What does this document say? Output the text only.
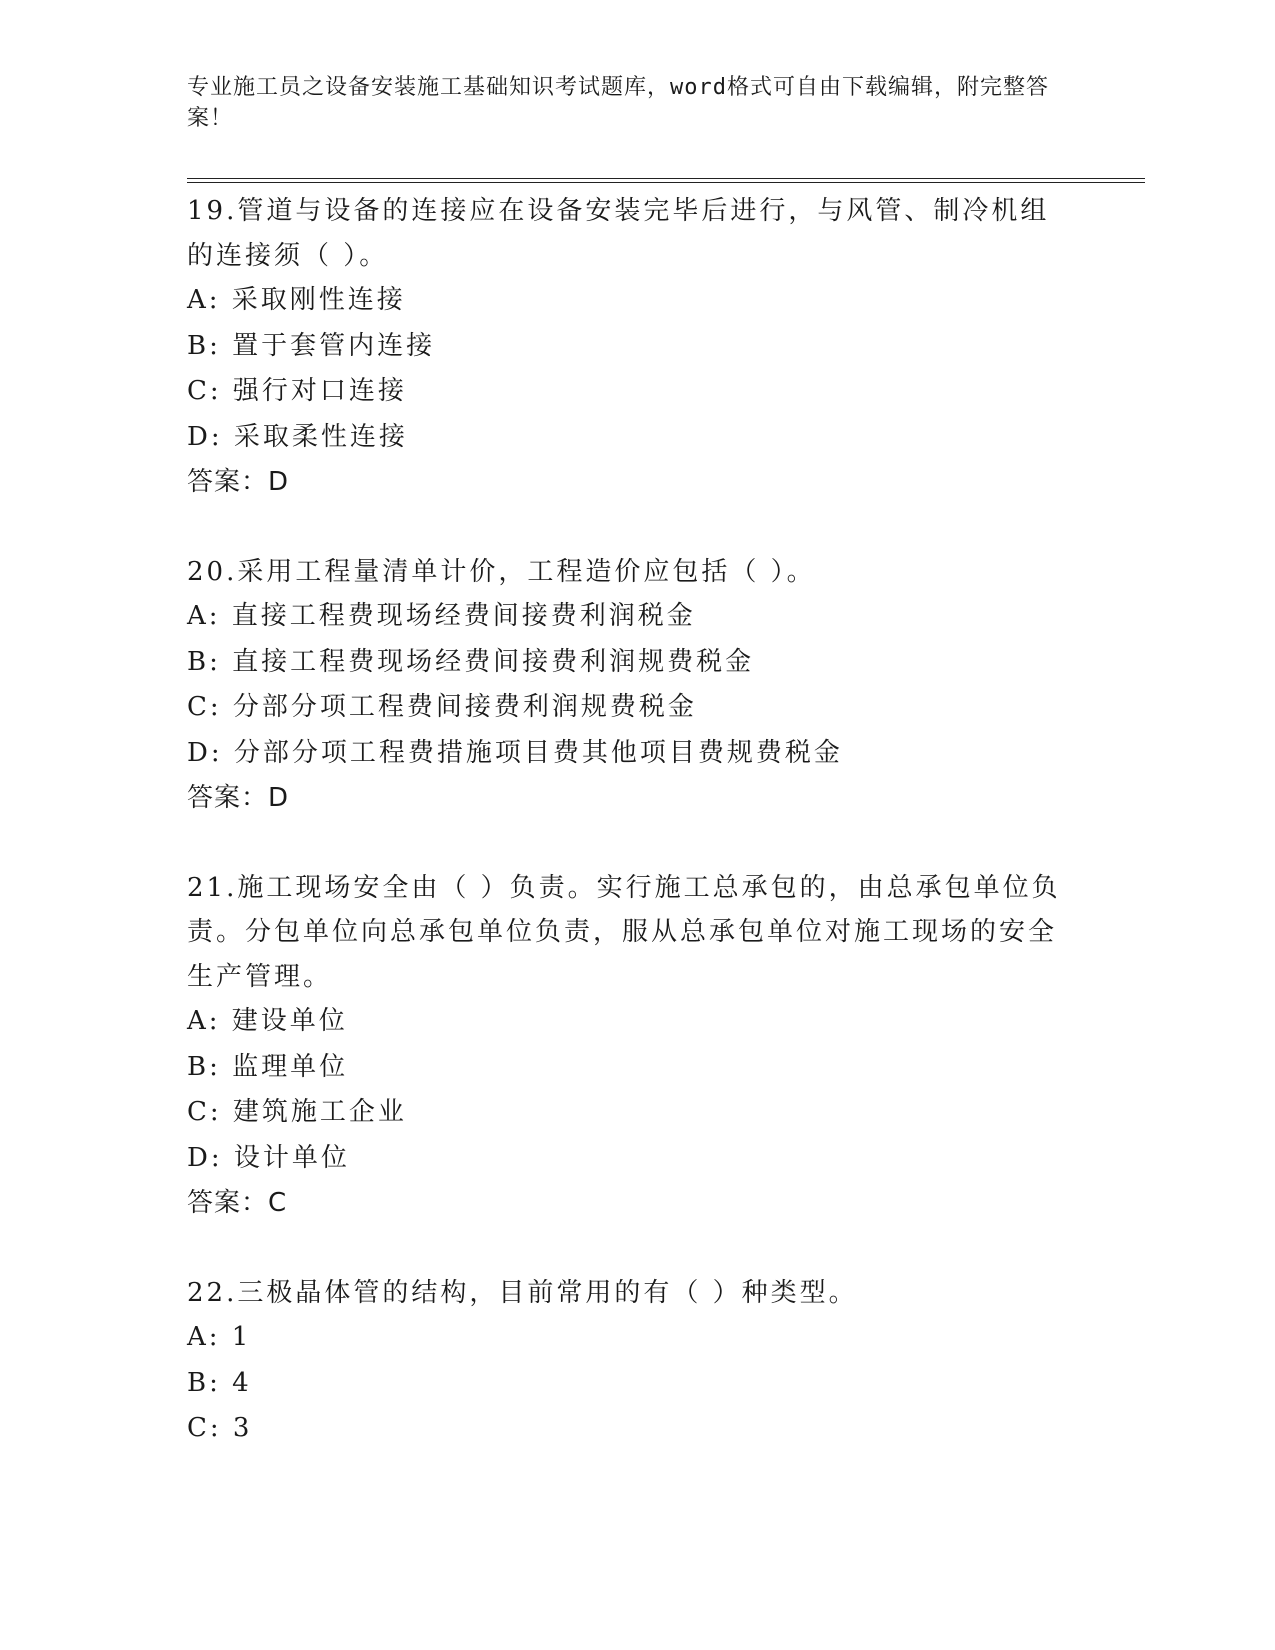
专业施工员之设备安装施工基础知识考试题库，word格式可自由下载编辑，附完整答案！
19.管道与设备的连接应在设备安装完毕后进行，与风管、制冷机组的连接须（ ）。
A: 采取刚性连接
B: 置于套管内连接
C: 强行对口连接
D: 采取柔性连接
答案：D
20.采用工程量清单计价，工程造价应包括（ ）。
A: 直接工程费现场经费间接费利润税金
B: 直接工程费现场经费间接费利润规费税金
C: 分部分项工程费间接费利润规费税金
D: 分部分项工程费措施项目费其他项目费规费税金
答案：D
21.施工现场安全由（ ）负责。实行施工总承包的，由总承包单位负责。分包单位向总承包单位负责，服从总承包单位对施工现场的安全生产管理。
A: 建设单位
B: 监理单位
C: 建筑施工企业
D: 设计单位
答案：C
22.三极晶体管的结构，目前常用的有（ ）种类型。
A: 1
B: 4
C: 3
